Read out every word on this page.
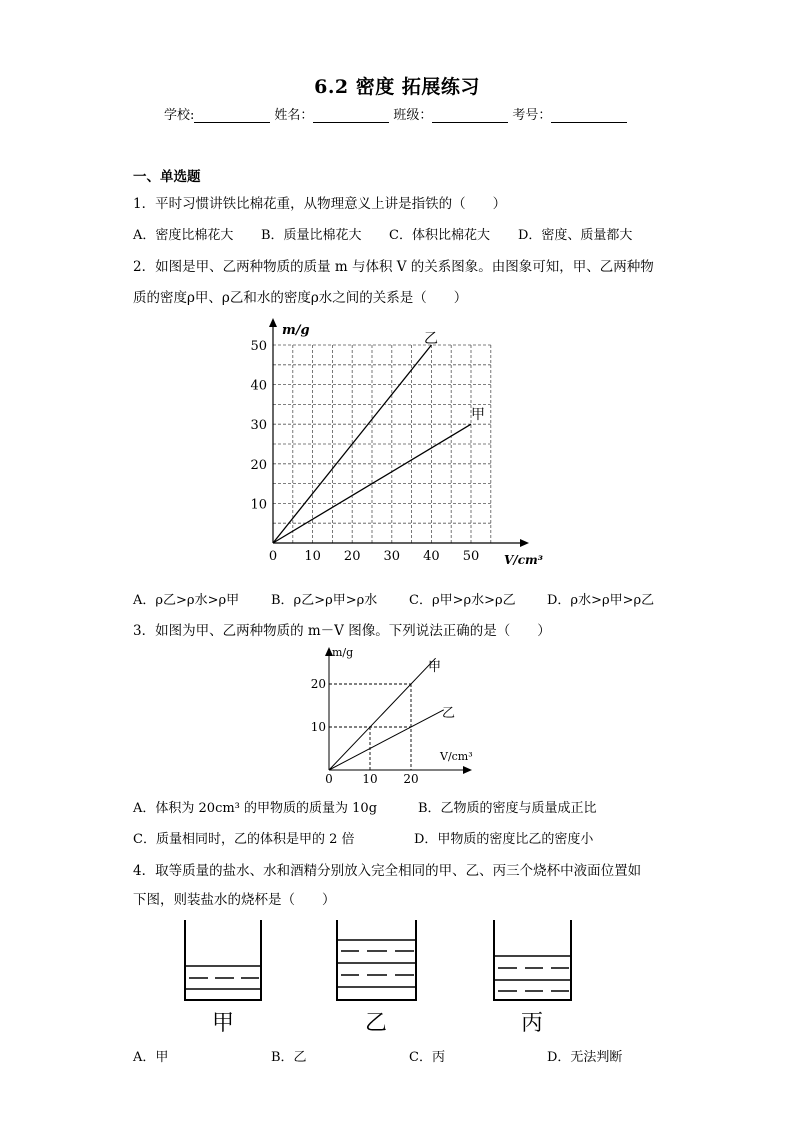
6.2 密度 拓展练习
学校:	姓名：	班级：	考号：
一、单选题
1．平时习惯讲铁比棉花重，从物理意义上讲是指铁的（　　）
A．密度比棉花大 B．质量比棉花大 C．体积比棉花大 D．密度、质量都大
2．如图是甲、乙两种物质的质量 m 与体积 V 的关系图象。由图象可知，甲、乙两种物
质的密度ρ甲、ρ乙和水的密度ρ水之间的关系是（　　）
0 10 20 30 40 50
10
20
30
40
50
m/g
V/cm³
乙
甲
A．ρ乙>ρ水>ρ甲 B．ρ乙>ρ甲>ρ水 C．ρ甲>ρ水>ρ乙 D．ρ水>ρ甲>ρ乙
3．如图为甲、乙两种物质的 m－V 图像。下列说法正确的是（　　）
0 10 20
10
20
m/g
V/cm³
甲
乙
A．体积为 20cm³ 的甲物质的质量为 10g	B．乙物质的密度与质量成正比
C．质量相同时，乙的体积是甲的 2 倍	D．甲物质的密度比乙的密度小
4．取等质量的盐水、水和酒精分别放入完全相同的甲、乙、丙三个烧杯中液面位置如
下图，则装盐水的烧杯是（　　）
甲	乙	丙
A．甲	B．乙	C．丙	D．无法判断
